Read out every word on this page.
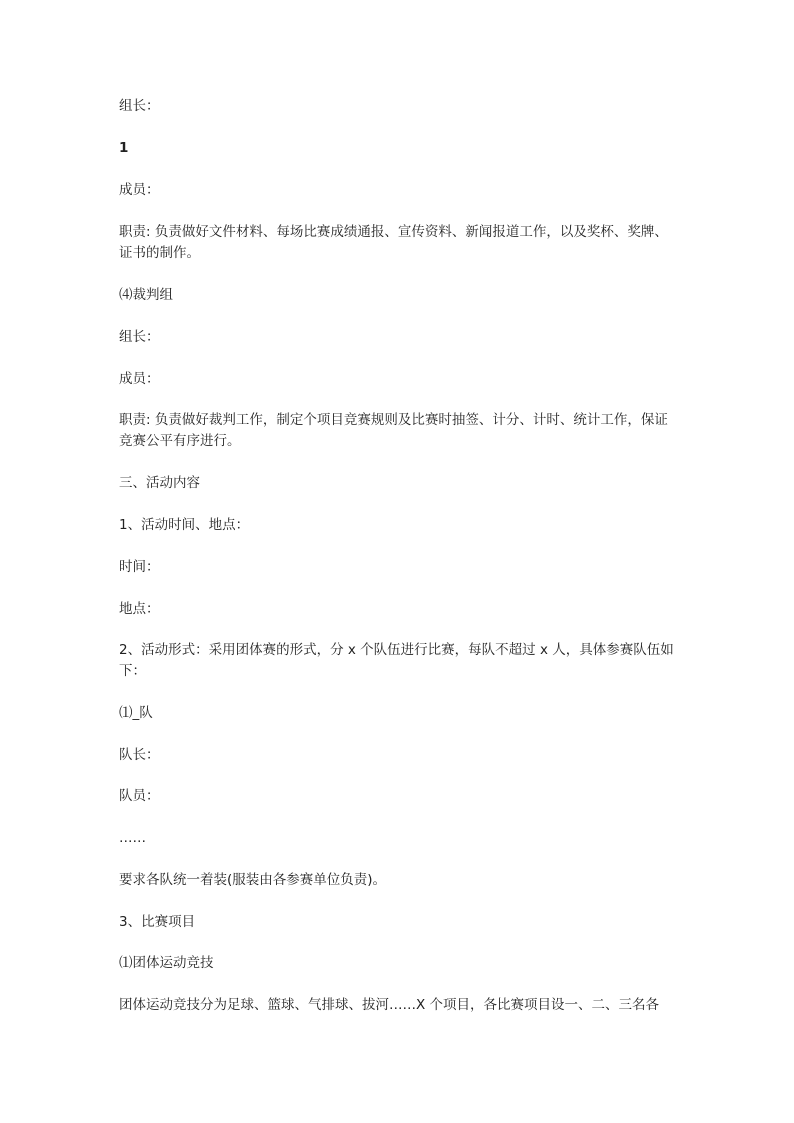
组长：

1

成员：

职责: 负责做好文件材料、每场比赛成绩通报、宣传资料、新闻报道工作，以及奖杯、奖牌、证书的制作。

⑷裁判组

组长：

成员：

职责: 负责做好裁判工作，制定个项目竞赛规则及比赛时抽签、计分、计时、统计工作，保证竞赛公平有序进行。

三、活动内容

1、活动时间、地点：

时间：

地点：

2、活动形式：采用团体赛的形式，分 x 个队伍进行比赛，每队不超过 x 人，具体参赛队伍如下：

⑴_队

队长：

队员：

……

要求各队统一着装(服装由各参赛单位负责)。

3、比赛项目

⑴团体运动竞技

团体运动竞技分为足球、篮球、气排球、拔河……X 个项目，各比赛项目设一、二、三名各
